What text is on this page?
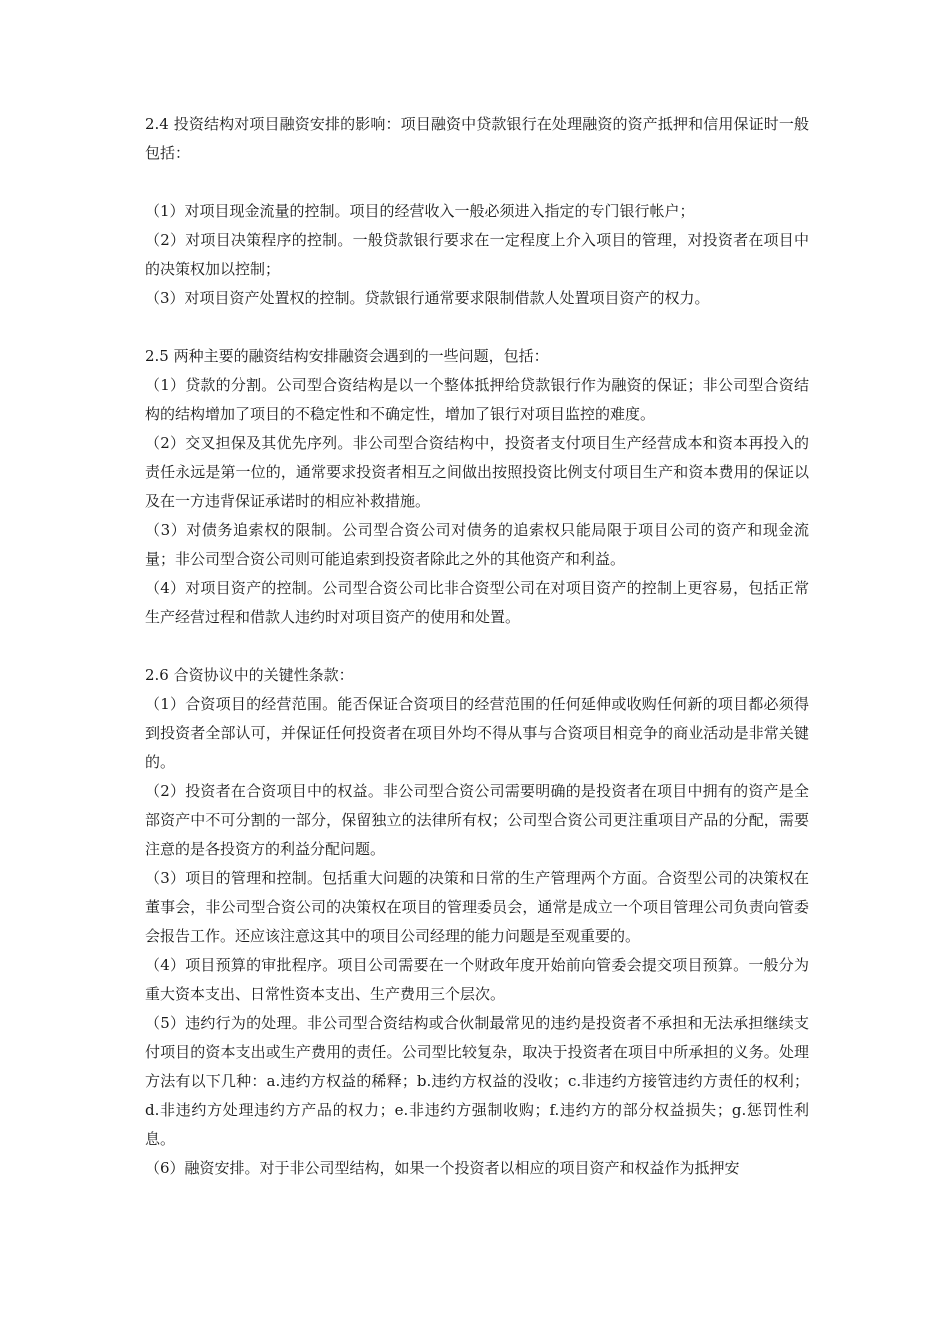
2.4 投资结构对项目融资安排的影响：项目融资中贷款银行在处理融资的资产抵押和信用保证时一般包括：

（1）对项目现金流量的控制。项目的经营收入一般必须进入指定的专门银行帐户；

（2）对项目决策程序的控制。一般贷款银行要求在一定程度上介入项目的管理，对投资者在项目中的决策权加以控制；

（3）对项目资产处置权的控制。贷款银行通常要求限制借款人处置项目资产的权力。

2.5 两种主要的融资结构安排融资会遇到的一些问题，包括：

（1）贷款的分割。公司型合资结构是以一个整体抵押给贷款银行作为融资的保证；非公司型合资结构的结构增加了项目的不稳定性和不确定性，增加了银行对项目监控的难度。

（2）交叉担保及其优先序列。非公司型合资结构中，投资者支付项目生产经营成本和资本再投入的责任永远是第一位的，通常要求投资者相互之间做出按照投资比例支付项目生产和资本费用的保证以及在一方违背保证承诺时的相应补救措施。

（3）对债务追索权的限制。公司型合资公司对债务的追索权只能局限于项目公司的资产和现金流量；非公司型合资公司则可能追索到投资者除此之外的其他资产和利益。

（4）对项目资产的控制。公司型合资公司比非合资型公司在对项目资产的控制上更容易，包括正常生产经营过程和借款人违约时对项目资产的使用和处置。

2.6 合资协议中的关键性条款：

（1）合资项目的经营范围。能否保证合资项目的经营范围的任何延伸或收购任何新的项目都必须得到投资者全部认可，并保证任何投资者在项目外均不得从事与合资项目相竞争的商业活动是非常关键的。

（2）投资者在合资项目中的权益。非公司型合资公司需要明确的是投资者在项目中拥有的资产是全部资产中不可分割的一部分，保留独立的法律所有权；公司型合资公司更注重项目产品的分配，需要注意的是各投资方的利益分配问题。

（3）项目的管理和控制。包括重大问题的决策和日常的生产管理两个方面。合资型公司的决策权在董事会，非公司型合资公司的决策权在项目的管理委员会，通常是成立一个项目管理公司负责向管委会报告工作。还应该注意这其中的项目公司经理的能力问题是至观重要的。

（4）项目预算的审批程序。项目公司需要在一个财政年度开始前向管委会提交项目预算。一般分为重大资本支出、日常性资本支出、生产费用三个层次。

（5）违约行为的处理。非公司型合资结构或合伙制最常见的违约是投资者不承担和无法承担继续支付项目的资本支出或生产费用的责任。公司型比较复杂，取决于投资者在项目中所承担的义务。处理方法有以下几种：a.违约方权益的稀释；b.违约方权益的没收；c.非违约方接管违约方责任的权利；d.非违约方处理违约方产品的权力；e.非违约方强制收购；f.违约方的部分权益损失；g.惩罚性利息。

（6）融资安排。对于非公司型结构，如果一个投资者以相应的项目资产和权益作为抵押安
